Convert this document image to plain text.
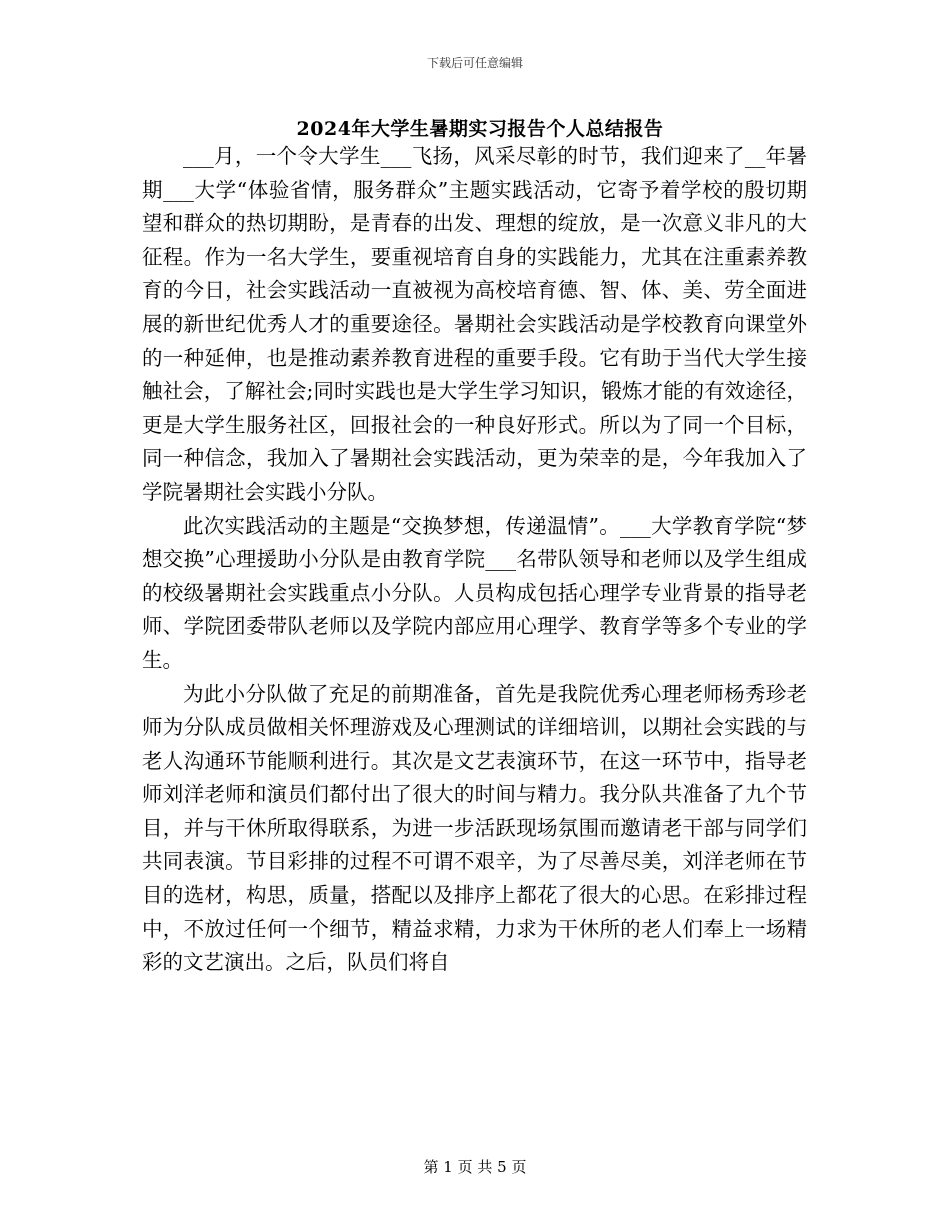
下载后可任意编辑
2024年大学生暑期实习报告个人总结报告

___月，一个令大学生___飞扬，风采尽彰的时节，我们迎来了__年暑期___大学“体验省情，服务群众”主题实践活动，它寄予着学校的殷切期望和群众的热切期盼，是青春的出发、理想的绽放，是一次意义非凡的大征程。作为一名大学生，要重视培育自身的实践能力，尤其在注重素养教育的今日，社会实践活动一直被视为高校培育德、智、体、美、劳全面进展的新世纪优秀人才的重要途径。暑期社会实践活动是学校教育向课堂外的一种延伸，也是推动素养教育进程的重要手段。它有助于当代大学生接触社会，了解社会;同时实践也是大学生学习知识，锻炼才能的有效途径，更是大学生服务社区，回报社会的一种良好形式。所以为了同一个目标，同一种信念，我加入了暑期社会实践活动，更为荣幸的是，今年我加入了学院暑期社会实践小分队。

此次实践活动的主题是“交换梦想，传递温情”。___大学教育学院“梦想交换”心理援助小分队是由教育学院___名带队领导和老师以及学生组成的校级暑期社会实践重点小分队。人员构成包括心理学专业背景的指导老师、学院团委带队老师以及学院内部应用心理学、教育学等多个专业的学生。

为此小分队做了充足的前期准备，首先是我院优秀心理老师杨秀珍老师为分队成员做相关怀理游戏及心理测试的详细培训，以期社会实践的与老人沟通环节能顺利进行。其次是文艺表演环节，在这一环节中，指导老师刘洋老师和演员们都付出了很大的时间与精力。我分队共准备了九个节目，并与干休所取得联系，为进一步活跃现场氛围而邀请老干部与同学们共同表演。节目彩排的过程不可谓不艰辛，为了尽善尽美，刘洋老师在节目的选材，构思，质量，搭配以及排序上都花了很大的心思。在彩排过程中，不放过任何一个细节，精益求精，力求为干休所的老人们奉上一场精彩的文艺演出。之后，队员们将自

第 1 页 共 5 页
